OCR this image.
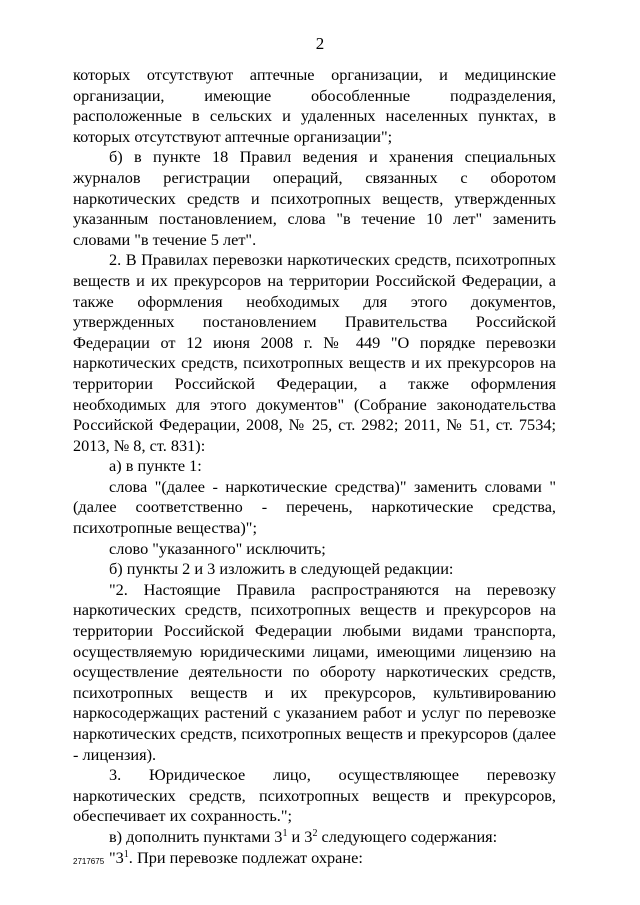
2

которых отсутствуют аптечные организации, и медицинские организации, имеющие обособленные подразделения, расположенные в сельских и удаленных населенных пунктах, в которых отсутствуют аптечные организации";

б) в пункте 18 Правил ведения и хранения специальных журналов регистрации операций, связанных с оборотом наркотических средств и психотропных веществ, утвержденных указанным постановлением, слова "в течение 10 лет" заменить словами "в течение 5 лет".

2. В Правилах перевозки наркотических средств, психотропных веществ и их прекурсоров на территории Российской Федерации, а также оформления необходимых для этого документов, утвержденных постановлением Правительства Российской Федерации от 12 июня 2008 г. № 449 "О порядке перевозки наркотических средств, психотропных веществ и их прекурсоров на территории Российской Федерации, а также оформления необходимых для этого документов" (Собрание законодательства Российской Федерации, 2008, № 25, ст. 2982; 2011, № 51, ст. 7534; 2013, № 8, ст. 831):

а) в пункте 1:

слова "(далее - наркотические средства)" заменить словами "(далее соответственно - перечень, наркотические средства, психотропные вещества)";

слово "указанного" исключить;

б) пункты 2 и 3 изложить в следующей редакции:

"2. Настоящие Правила распространяются на перевозку наркотических средств, психотропных веществ и прекурсоров на территории Российской Федерации любыми видами транспорта, осуществляемую юридическими лицами, имеющими лицензию на осуществление деятельности по обороту наркотических средств, психотропных веществ и их прекурсоров, культивированию наркосодержащих растений с указанием работ и услуг по перевозке наркотических средств, психотропных веществ и прекурсоров (далее - лицензия).

3. Юридическое лицо, осуществляющее перевозку наркотических средств, психотропных веществ и прекурсоров, обеспечивает их сохранность.";

в) дополнить пунктами $3^1$ и $3^2$ следующего содержания:

"$3^1$. При перевозке подлежат охране:

2717675
